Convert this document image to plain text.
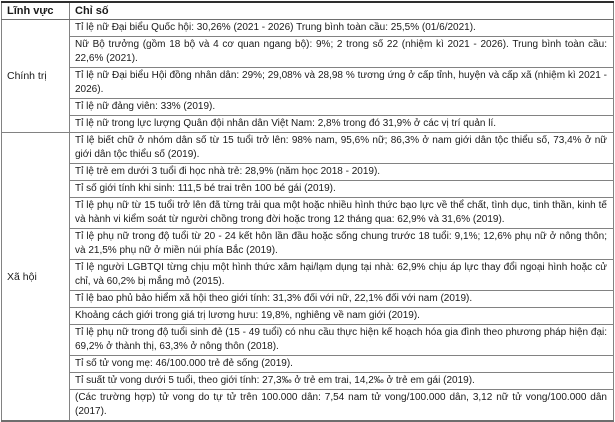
Lĩnh vực	Chỉ số
Chính trị	Tỉ lệ nữ Đại biểu Quốc hội: 30,26% (2021 - 2026) Trung bình toàn cầu: 25,5% (01/6/2021).
	Nữ Bộ trưởng (gồm 18 bộ và 4 cơ quan ngang bộ): 9%; 2 trong số 22 (nhiệm kì 2021 - 2026). Trung bình toàn cầu: 22,6% (2021).
	Tỉ lệ nữ Đại biểu Hội đồng nhân dân: 29%; 29,08% và 28,98 % tương ứng ở cấp tỉnh, huyện và cấp xã (nhiệm kì 2021 - 2026).
	Tỉ lệ nữ đảng viên: 33% (2019).
	Tỉ lệ nữ trong lực lượng Quân đội nhân dân Việt Nam: 2,8% trong đó 31,9% ở các vị trí quản lí.
Xã hội	Tỉ lệ biết chữ ở nhóm dân số từ 15 tuổi trở lên: 98% nam, 95,6% nữ; 86,3% ở nam giới dân tộc thiểu số, 73,4% ở nữ giới dân tộc thiểu số (2019).
	Tỉ lệ trẻ em dưới 3 tuổi đi học nhà trẻ: 28,9% (năm học 2018 - 2019).
	Tỉ số giới tính khi sinh: 111,5 bé trai trên 100 bé gái (2019).
	Tỉ lệ phụ nữ từ 15 tuổi trở lên đã từng trải qua một hoặc nhiều hình thức bạo lực về thể chất, tình dục, tinh thần, kinh tế và hành vi kiểm soát từ người chồng trong đời hoặc trong 12 tháng qua: 62,9% và 31,6% (2019).
	Tỉ lệ phụ nữ trong độ tuổi từ 20 - 24 kết hôn lần đầu hoặc sống chung trước 18 tuổi: 9,1%; 12,6% phụ nữ ở nông thôn; và 21,5% phụ nữ ở miền núi phía Bắc (2019).
	Tỉ lệ người LGBTQI từng chịu một hình thức xâm hại/lạm dụng tại nhà: 62,9% chịu áp lực thay đổi ngoại hình hoặc cử chỉ, và 60,2% bị mắng mỏ (2015).
	Tỉ lệ bao phủ bảo hiểm xã hội theo giới tính: 31,3% đối với nữ, 22,1% đối với nam (2019).
	Khoảng cách giới trong giá trị lương hưu: 19,8%, nghiêng về nam giới (2019).
	Tỉ lệ phụ nữ trong độ tuổi sinh đẻ (15 - 49 tuổi) có nhu cầu thực hiện kế hoạch hóa gia đình theo phương pháp hiện đại: 69,2% ở thành thị, 63,3% ở nông thôn (2018).
	Tỉ số tử vong mẹ: 46/100.000 trẻ đẻ sống (2019).
	Tỉ suất tử vong dưới 5 tuổi, theo giới tính: 27,3‰ ở trẻ em trai, 14,2‰ ở trẻ em gái (2019).
	(Các trường hợp) tử vong do tự tử trên 100.000 dân: 7,54 nam tử vong/100.000 dân, 3,12 nữ tử vong/100.000 dân (2017).
